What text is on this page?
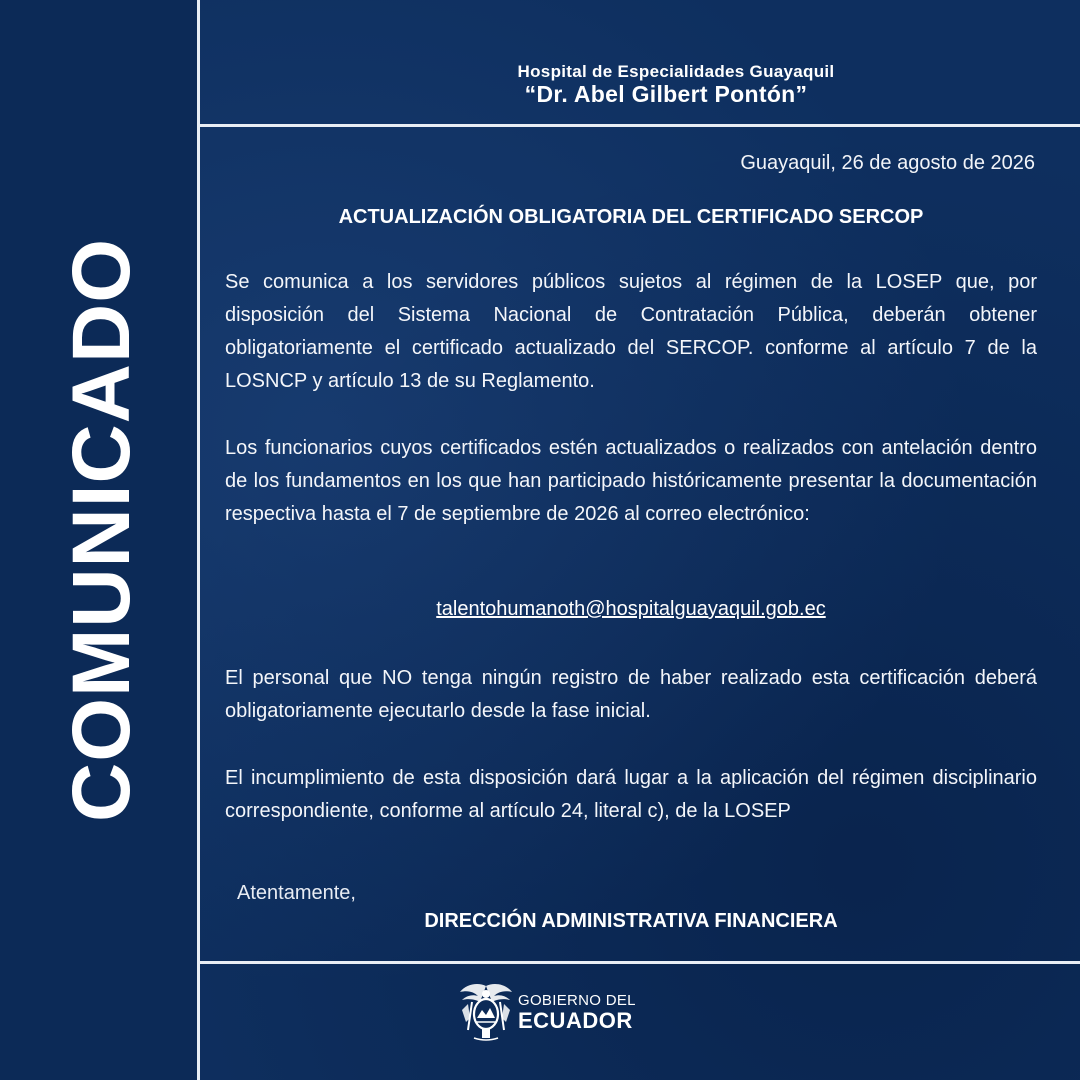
COMUNICADO
Hospital de Especialidades Guayaquil
“Dr. Abel Gilbert Pontón”
Guayaquil, 26 de agosto de 2026
ACTUALIZACIÓN OBLIGATORIA DEL CERTIFICADO SERCOP
Se comunica a los servidores públicos sujetos al régimen de la LOSEP que, por disposición del Sistema Nacional de Contratación Pública, deberán obtener obligatoriamente el certificado actualizado del SERCOP. conforme al artículo 7 de la LOSNCP y artículo 13 de su Reglamento.
Los funcionarios cuyos certificados estén actualizados o realizados con antelación dentro de los fundamentos en los que han participado históricamente presentar la documentación respectiva hasta el 7 de septiembre de 2026 al correo electrónico:
talentohumanoth@hospitalguayaquil.gob.ec
El personal que NO tenga ningún registro de haber realizado esta certificación deberá obligatoriamente ejecutarlo desde la fase inicial.
El incumplimiento de esta disposición dará lugar a la aplicación del régimen disciplinario correspondiente, conforme al artículo 24, literal c), de la LOSEP
Atentamente,
DIRECCIÓN ADMINISTRATIVA FINANCIERA
GOBIERNO DEL
ECUADOR
